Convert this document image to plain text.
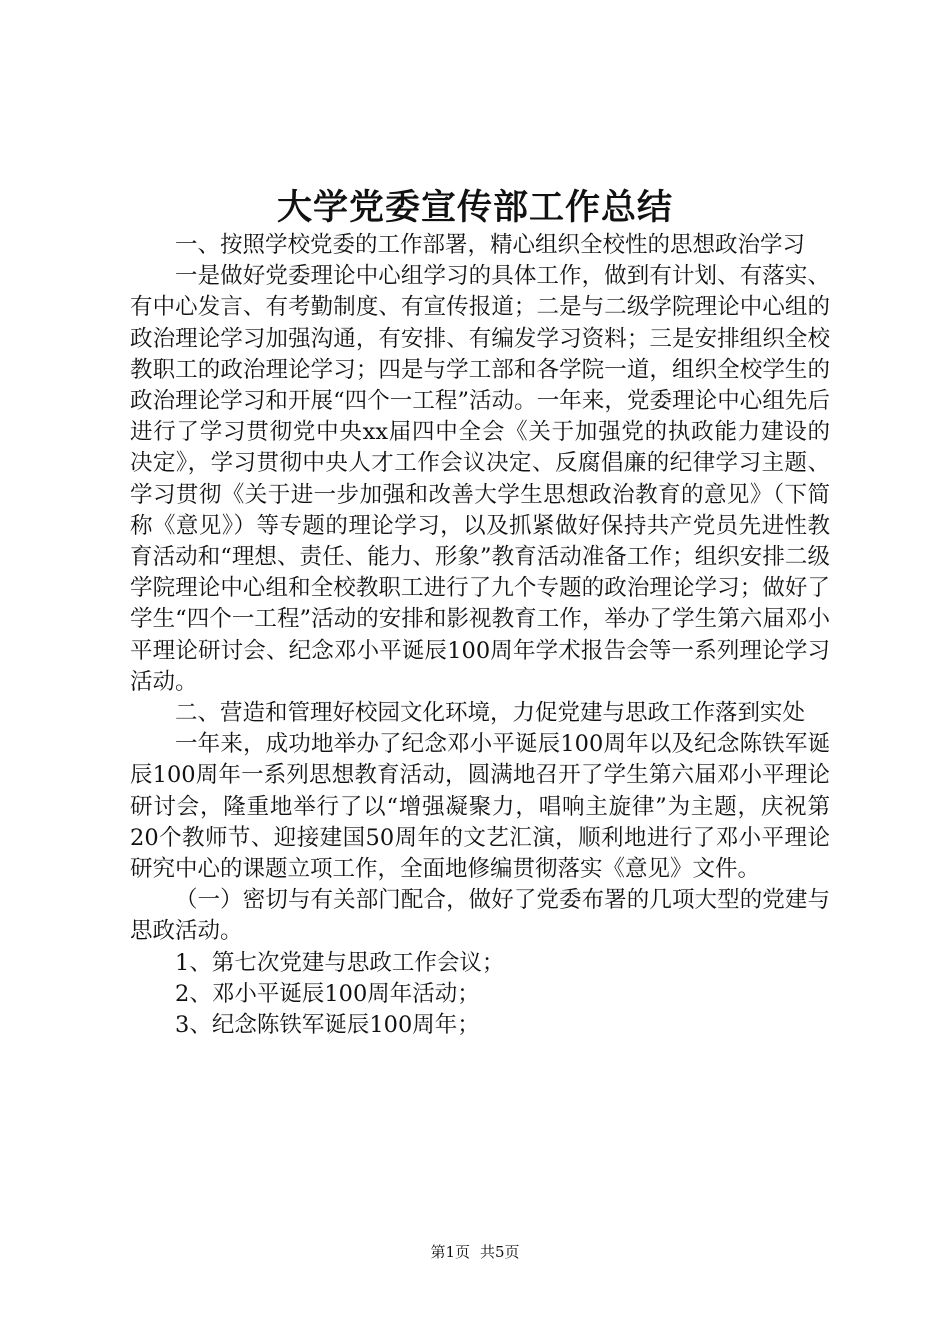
大学党委宣传部工作总结

一、按照学校党委的工作部署，精心组织全校性的思想政治学习

一是做好党委理论中心组学习的具体工作，做到有计划、有落实、有中心发言、有考勤制度、有宣传报道；二是与二级学院理论中心组的政治理论学习加强沟通，有安排、有编发学习资料；三是安排组织全校教职工的政治理论学习；四是与学工部和各学院一道，组织全校学生的政治理论学习和开展“四个一工程”活动。一年来，党委理论中心组先后进行了学习贯彻党中央xx届四中全会《关于加强党的执政能力建设的决定》，学习贯彻中央人才工作会议决定、反腐倡廉的纪律学习主题、学习贯彻《关于进一步加强和改善大学生思想政治教育的意见》（下简称《意见》）等专题的理论学习，以及抓紧做好保持共产党员先进性教育活动和“理想、责任、能力、形象”教育活动准备工作；组织安排二级学院理论中心组和全校教职工进行了九个专题的政治理论学习；做好了学生“四个一工程”活动的安排和影视教育工作，举办了学生第六届邓小平理论研讨会、纪念邓小平诞辰100周年学术报告会等一系列理论学习活动。

二、营造和管理好校园文化环境，力促党建与思政工作落到实处

一年来，成功地举办了纪念邓小平诞辰100周年以及纪念陈铁军诞辰100周年一系列思想教育活动，圆满地召开了学生第六届邓小平理论研讨会，隆重地举行了以“增强凝聚力，唱响主旋律”为主题，庆祝第20个教师节、迎接建国50周年的文艺汇演，顺利地进行了邓小平理论研究中心的课题立项工作，全面地修编贯彻落实《意见》文件。

（一）密切与有关部门配合，做好了党委布署的几项大型的党建与思政活动。

1、第七次党建与思政工作会议；

2、邓小平诞辰100周年活动；

3、纪念陈铁军诞辰100周年；

第1页 共5页
